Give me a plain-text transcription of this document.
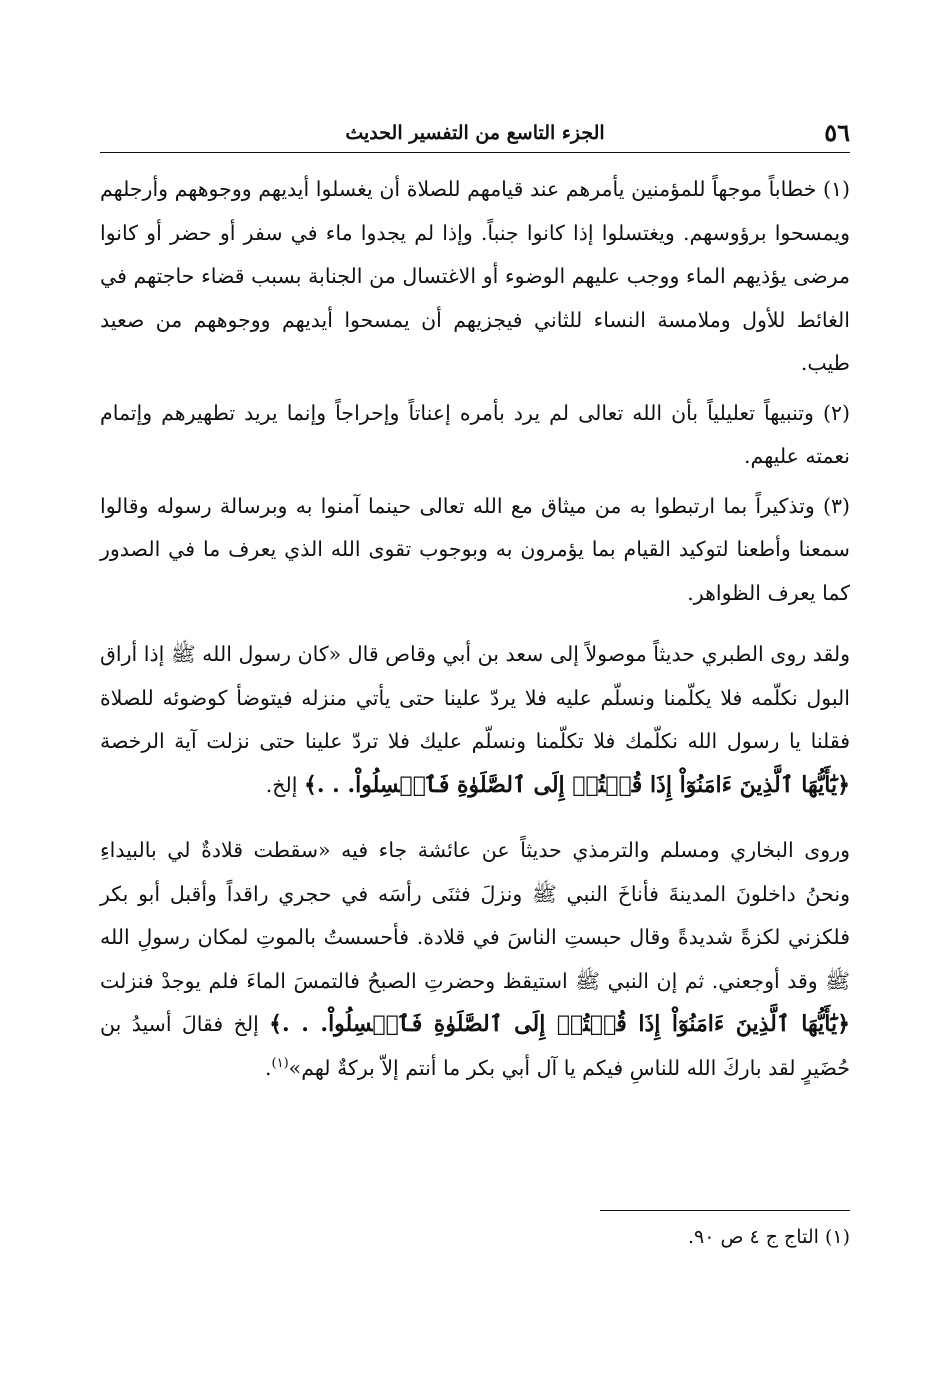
٥٦
الجزء التاسع من التفسير الحديث

(١) خطاباً موجهاً للمؤمنين يأمرهم عند قيامهم للصلاة أن يغسلوا أيديهم ووجوههم وأرجلهم ويمسحوا برؤوسهم. ويغتسلوا إذا كانوا جنباً. وإذا لم يجدوا ماء في سفر أو حضر أو كانوا مرضى يؤذيهم الماء ووجب عليهم الوضوء أو الاغتسال من الجنابة بسبب قضاء حاجتهم في الغائط للأول وملامسة النساء للثاني فيجزيهم أن يمسحوا أيديهم ووجوههم من صعيد طيب.

(٢) وتنبيهاً تعليلياً بأن الله تعالى لم يرد بأمره إعناتاً وإحراجاً وإنما يريد تطهيرهم وإتمام نعمته عليهم.

(٣) وتذكيراً بما ارتبطوا به من ميثاق مع الله تعالى حينما آمنوا به وبرسالة رسوله وقالوا سمعنا وأطعنا لتوكيد القيام بما يؤمرون به وبوجوب تقوى الله الذي يعرف ما في الصدور كما يعرف الظواهر.

ولقد روى الطبري حديثاً موصولاً إلى سعد بن أبي وقاص قال «كان رسول الله ﷺ إذا أراق البول نكلّمه فلا يكلّمنا ونسلّم عليه فلا يردّ علينا حتى يأتي منزله فيتوضأ كوضوئه للصلاة فقلنا يا رسول الله نكلّمك فلا تكلّمنا ونسلّم عليك فلا تردّ علينا حتى نزلت آية الرخصة ﴿يَٰٓأَيُّهَا ٱلَّذِينَ ءَامَنُوٓاْ إِذَا قُمۡتُمۡ إِلَى ٱلصَّلَوٰةِ فَٱغۡسِلُواْ. . .﴾ إلخ.

وروى البخاري ومسلم والترمذي حديثاً عن عائشة جاء فيه «سقطت قلادةٌ لي بالبيداءِ ونحنُ داخلونَ المدينةَ فأناخَ النبي ﷺ ونزلَ فثنَى رأسَه في حجري راقداً وأقبل أبو بكر فلكزني لكزةً شديدةً وقال حبستِ الناسَ في قلادة. فأحسستُ بالموتِ لمكان رسولِ الله ﷺ وقد أوجعني. ثم إن النبي ﷺ استيقظ وحضرتِ الصبحُ فالتمسَ الماءَ فلم يوجدْ فنزلت ﴿يَٰٓأَيُّهَا ٱلَّذِينَ ءَامَنُوٓاْ إِذَا قُمۡتُمۡ إِلَى ٱلصَّلَوٰةِ فَٱغۡسِلُواْ. . .﴾ إلخ فقالَ أسيدُ بن حُضَيرٍ لقد باركَ الله للناسِ فيكم يا آل أبي بكر ما أنتم إلاّ بركةٌ لهم»$^{(١)}$.

(١) التاج ج ٤ ص ٩٠.
